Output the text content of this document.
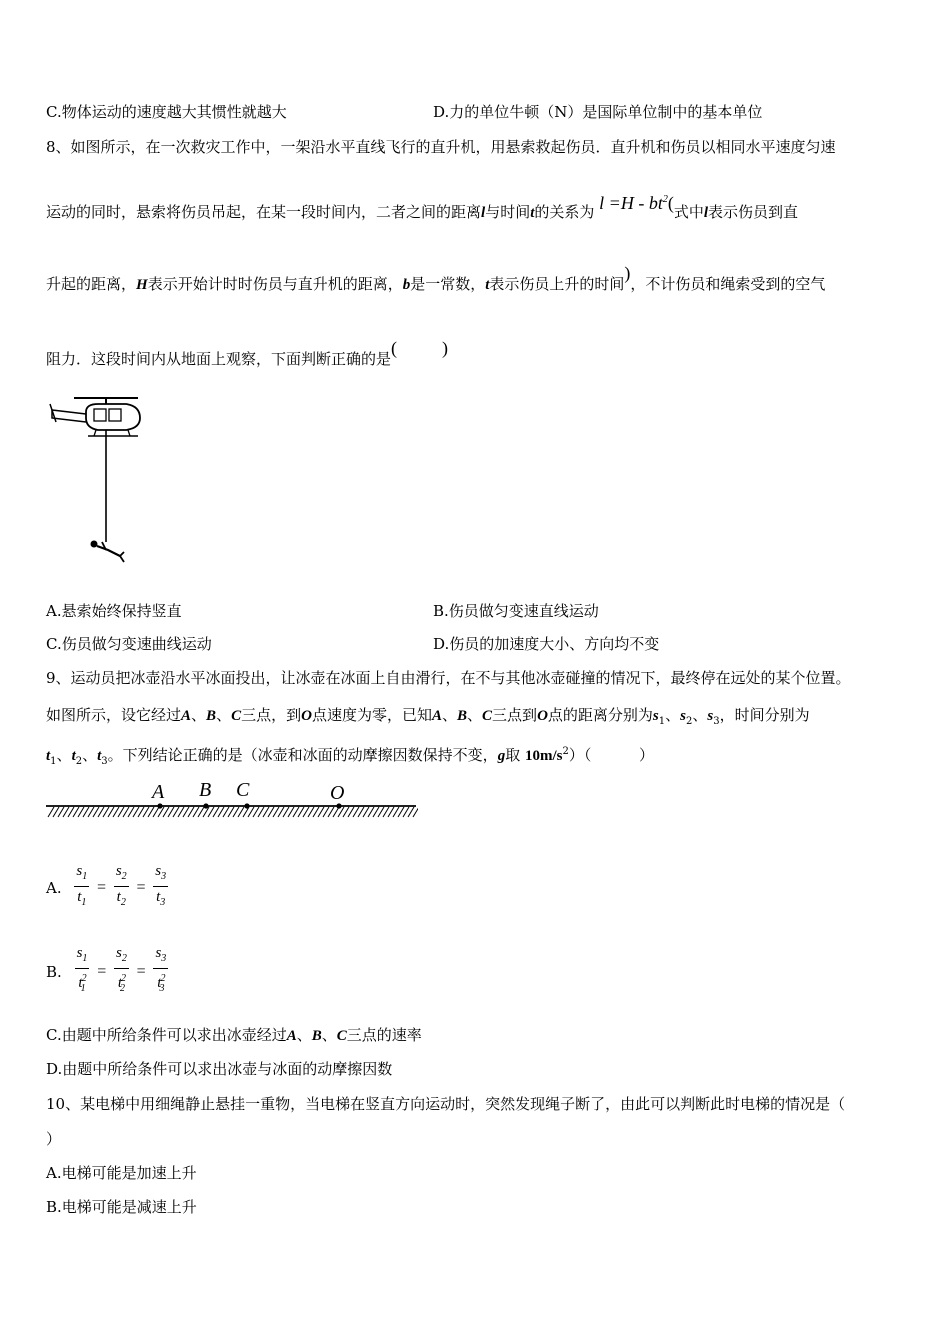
C.物体运动的速度越大其惯性就越大	D.力的单位牛顿（N）是国际单位制中的基本单位
8、如图所示，在一次救灾工作中，一架沿水平直线飞行的直升机，用悬索救起伤员．直升机和伤员以相同水平速度匀速
运动的同时，悬索将伤员吊起，在某一段时间内，二者之间的距离l与时间t的关系为 $l =H - bt^2$(式中l表示伤员到直
升起的距离，H表示开始计时时伤员与直升机的距离，b是一常数，t表示伤员上升的时间)，不计伤员和绳索受到的空气
阻力．这段时间内从地面上观察，下面判断正确的是(          )
A.悬索始终保持竖直	B.伤员做匀变速直线运动
C.伤员做匀变速曲线运动	D.伤员的加速度大小、方向均不变
9、运动员把冰壶沿水平冰面投出，让冰壶在冰面上自由滑行，在不与其他冰壶碰撞的情况下，最终停在远处的某个位置。
如图所示，设它经过A、B、C三点，到O点速度为零，已知A、B、C三点到O点的距离分别为$s_1$、$s_2$、$s_3$，时间分别为
$t_1$、$t_2$、$t_3$。下列结论正确的是（冰壶和冰面的动摩擦因数保持不变，g取 $10m/s^2$）（          ）
A B C	O
A. $\frac{s_1}{t_1} = \frac{s_2}{t_2} = \frac{s_3}{t_3}$
B. $\frac{s_1}{t^2_1} = \frac{s_2}{t^2_2} = \frac{s_3}{t^2_3}$
C.由题中所给条件可以求出冰壶经过A、B、C三点的速率
D.由题中所给条件可以求出冰壶与冰面的动摩擦因数
10、某电梯中用细绳静止悬挂一重物，当电梯在竖直方向运动时，突然发现绳子断了，由此可以判断此时电梯的情况是（
）
A.电梯可能是加速上升
B.电梯可能是减速上升
